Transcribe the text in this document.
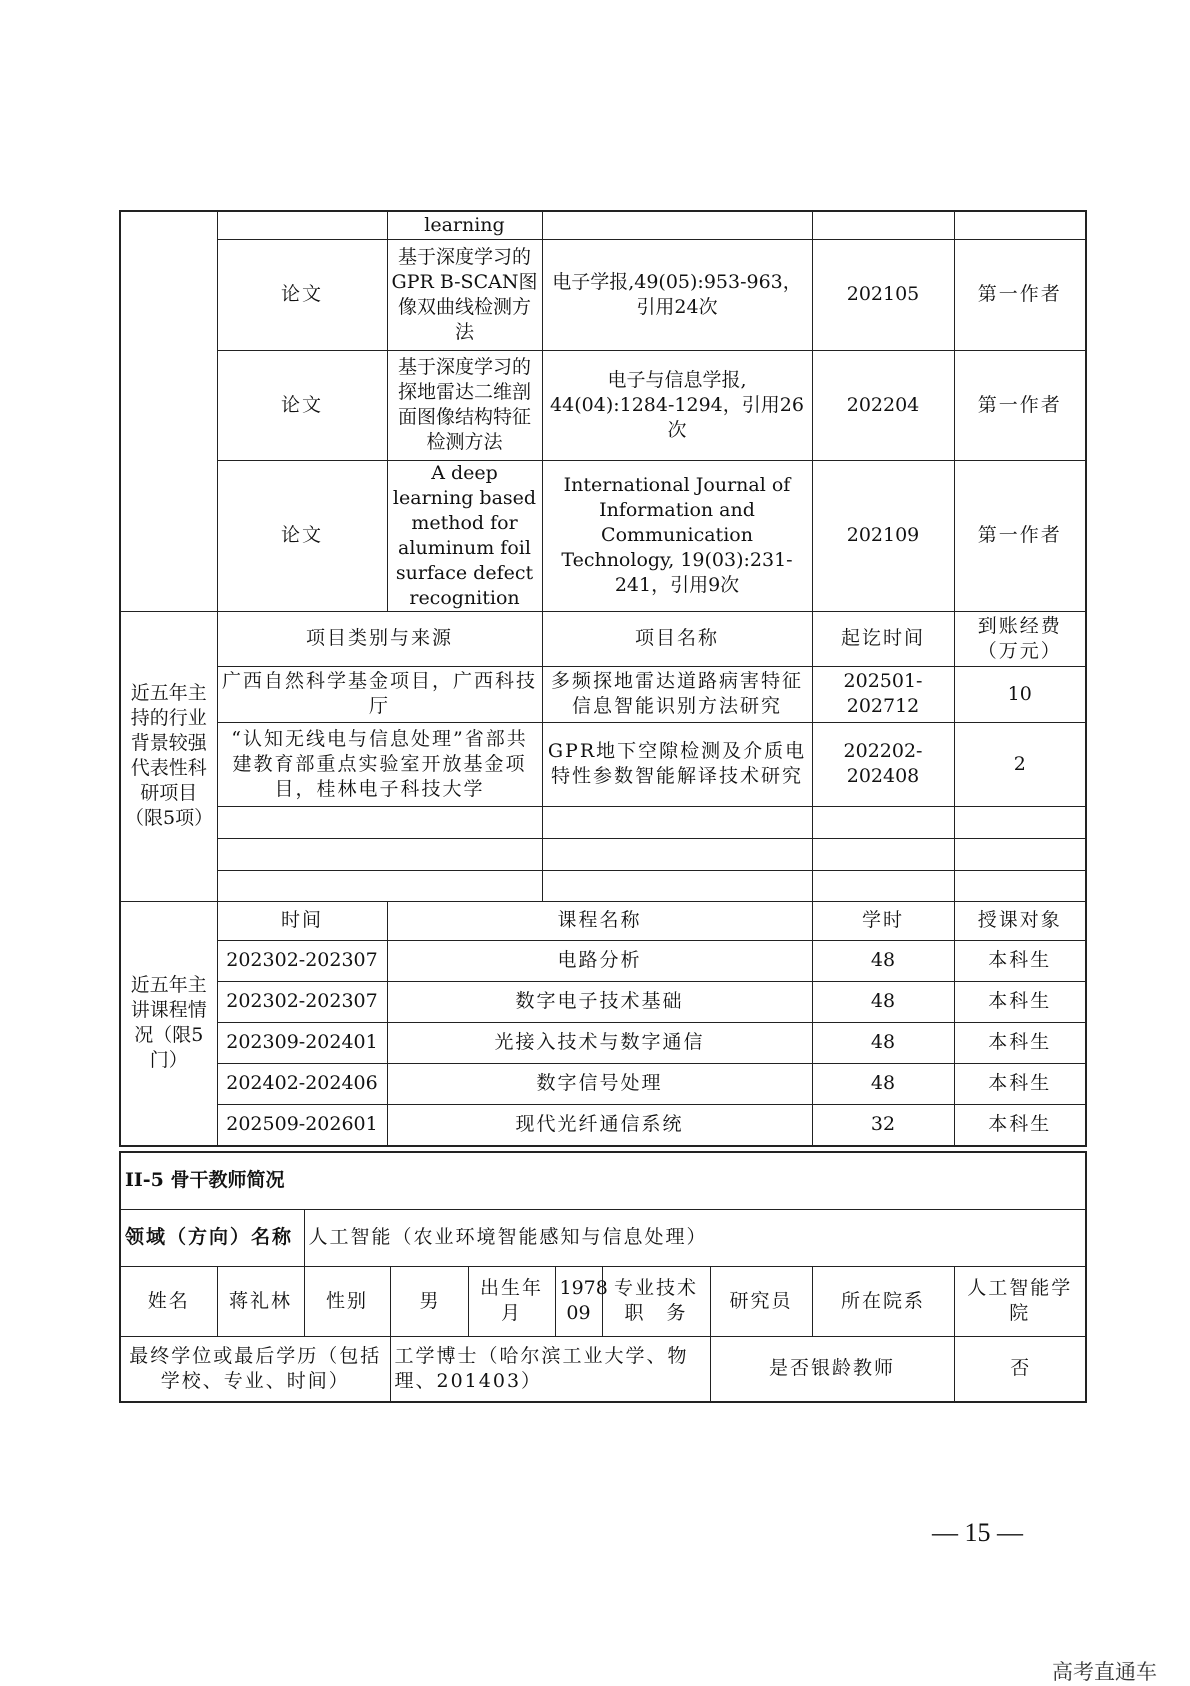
		learning			
	论文	基于深度学习的GPR B-SCAN图像双曲线检测方法	电子学报,49(05):953-963，引用24次	202105	第一作者
	论文	基于深度学习的探地雷达二维剖面图像结构特征检测方法	电子与信息学报, 44(04):1284-1294，引用26次	202204	第一作者
	论文	A deep learning based method for aluminum foil surface defect recognition	International Journal of Information and Communication Technology, 19(03):231-241，引用9次	202109	第一作者
近五年主持的行业背景较强代表性科研项目（限5项）	项目类别与来源		项目名称	起讫时间	到账经费（万元）
	广西自然科学基金项目，广西科技厅		多频探地雷达道路病害特征信息智能识别方法研究	202501-202712	10
	“认知无线电与信息处理”省部共建教育部重点实验室开放基金项目，桂林电子科技大学		GPR地下空隙检测及介质电特性参数智能解译技术研究	202202-202408	2

近五年主讲课程情况（限5门）	时间	课程名称		学时	授课对象
	202302-202307	电路分析		48	本科生
	202302-202307	数字电子技术基础		48	本科生
	202309-202401	光接入技术与数字通信		48	本科生
	202402-202406	数字信号处理		48	本科生
	202509-202601	现代光纤通信系统		32	本科生
II-5 骨干教师简况									
领域（方向）名称		人工智能（农业环境智能感知与信息处理）							
姓名	蒋礼林	性别	男	出生年月	1978 09	专业技术职　务	研究员	所在院系	人工智能学院
最终学位或最后学历（包括学校、专业、时间）			工学博士（哈尔滨工业大学、物理、201403）				是否银龄教师		否
— 15 —
高考直通车
